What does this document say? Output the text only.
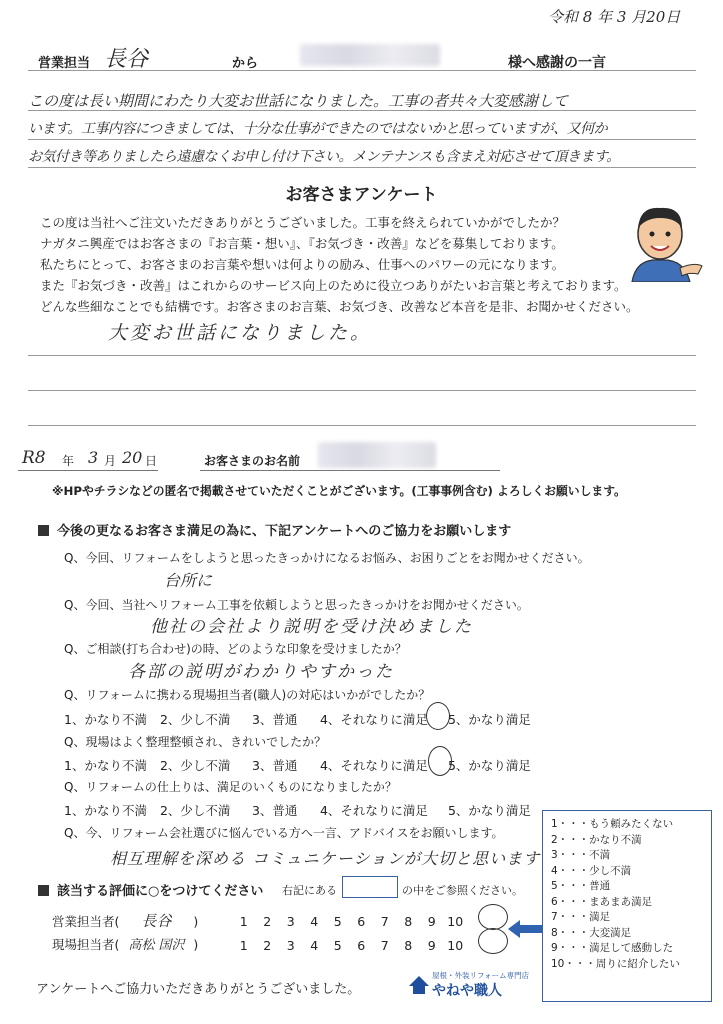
令和 8 年 3 月20日
営業担当 長谷	から	様へ感謝の一言
この度は長い期間にわたり大変お世話になりました。工事の者共々大変感謝して
います。工事内容につきましては、十分な仕事ができたのではないかと思っていますが、又何か
お気付き等ありましたら遠慮なくお申し付け下さい。メンテナンスも含まえ対応させて頂きます。
お客さまアンケート
この度は当社へご注文いただきありがとうございました。工事を終えられていかがでしたか？
ナガタニ興産ではお客さまの『お言葉・想い』、『お気づき・改善』などを募集しております。
私たちにとって、お客さまのお言葉や想いは何よりの励み、仕事へのパワーの元になります。
また『お気づき・改善』はこれからのサービス向上のために役立つありがたいお言葉と考えております。
どんな些細なことでも結構です。お客さまのお言葉、お気づき、改善など本音を是非、お聞かせください。
大変お世話になりました。
R8 年 3 月 20 日	お客さまのお名前
※HPやチラシなどの匿名で掲載させていただくことがございます。(工事事例含む) よろしくお願いします。
今後の更なるお客さま満足の為に、下記アンケートへのご協力をお願いします
Q、今回、リフォームをしようと思ったきっかけになるお悩み、お困りごとをお聞かせください。
台所に
Q、今回、当社へリフォーム工事を依頼しようと思ったきっかけをお聞かせください。
他社の会社より説明を受け決めました
Q、ご相談(打ち合わせ)の時、どのような印象を受けましたか？
各部の説明がわかりやすかった
Q、リフォームに携わる現場担当者(職人)の対応はいかがでしたか？
1、かなり不満 2、少し不満 3、普通 4、それなりに満足 5、かなり満足
Q、現場はよく整理整頓され、きれいでしたか？
1、かなり不満 2、少し不満 3、普通 4、それなりに満足 5、かなり満足
Q、リフォームの仕上りは、満足のいくものになりましたか？
1、かなり不満 2、少し不満 3、普通 4、それなりに満足 5、かなり満足
Q、今、リフォーム会社選びに悩んでいる方へ一言、アドバイスをお願いします。
相互理解を深める コミュニケーションが大切と思います
該当する評価に○をつけてください 右記にある	の中をご参照ください。
営業担当者( 長谷 )	1 2 3 4 5 6 7 8 9 10
現場担当者( 高松 国沢 )	1 2 3 4 5 6 7 8 9 10
1・・・もう頼みたくない
2・・・かなり不満
3・・・不満
4・・・少し不満
5・・・普通
6・・・まあまあ満足
7・・・満足
8・・・大変満足
9・・・満足して感動した
10・・・周りに紹介したい
アンケートへご協力いただきありがとうございました。
屋根・外装リフォーム専門店
やねや職人
